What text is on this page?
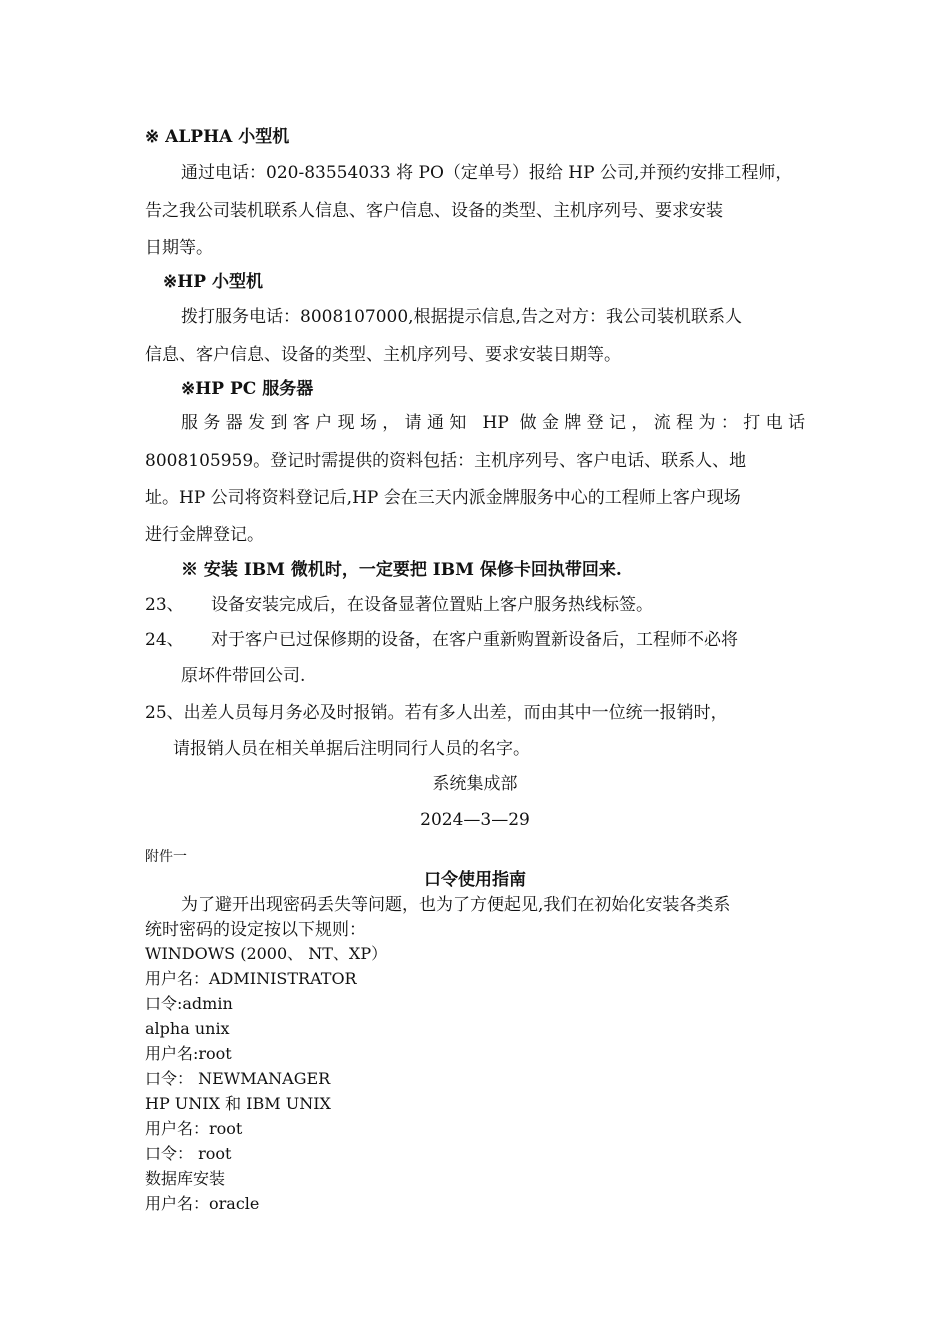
※ ALPHA 小型机
通过电话：020-83554033 将 PO（定单号）报给 HP 公司,并预约安排工程师，
告之我公司装机联系人信息、客户信息、设备的类型、主机序列号、要求安装
日期等。
※HP 小型机
拨打服务电话：8008107000,根据提示信息,告之对方：我公司装机联系人
信息、客户信息、设备的类型、主机序列号、要求安装日期等。
※HP PC 服务器
服务器发到客户现场，请通知 HP 做金牌登记，流程为：打电话
8008105959。登记时需提供的资料包括：主机序列号、客户电话、联系人、地
址。HP 公司将资料登记后,HP 会在三天内派金牌服务中心的工程师上客户现场
进行金牌登记。
※ 安装 IBM 微机时，一定要把 IBM 保修卡回执带回来.
23、 设备安装完成后，在设备显著位置贴上客户服务热线标签。
24、 对于客户已过保修期的设备，在客户重新购置新设备后，工程师不必将
原坏件带回公司.
25、出差人员每月务必及时报销。若有多人出差，而由其中一位统一报销时，
请报销人员在相关单据后注明同行人员的名字。
系统集成部
2024—3—29
附件一
口令使用指南
为了避开出现密码丢失等问题，也为了方便起见,我们在初始化安装各类系
统时密码的设定按以下规则：
WINDOWS (2000、 NT、XP）
用户名：ADMINISTRATOR
口令:admin
alpha unix
用户名:root
口令： NEWMANAGER
HP UNIX 和 IBM UNIX
用户名：root
口令： root
数据库安装
用户名：oracle
